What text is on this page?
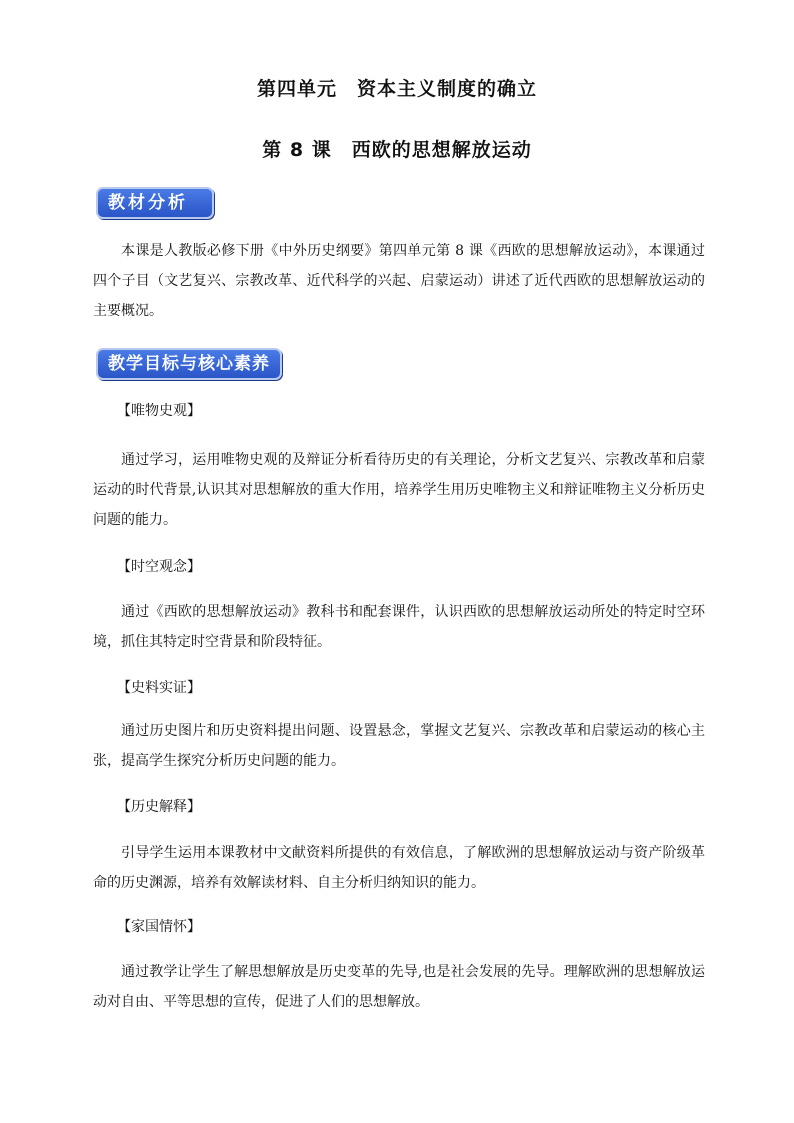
第四单元　资本主义制度的确立
第 8 课　西欧的思想解放运动
教材分析

本课是人教版必修下册《中外历史纲要》第四单元第 8 课《西欧的思想解放运动》，本课通过四个子目（文艺复兴、宗教改革、近代科学的兴起、启蒙运动）讲述了近代西欧的思想解放运动的主要概况。

教学目标与核心素养

【唯物史观】

通过学习，运用唯物史观的及辩证分析看待历史的有关理论，分析文艺复兴、宗教改革和启蒙运动的时代背景,认识其对思想解放的重大作用，培养学生用历史唯物主义和辩证唯物主义分析历史问题的能力。

【时空观念】

通过《西欧的思想解放运动》教科书和配套课件，认识西欧的思想解放运动所处的特定时空环境，抓住其特定时空背景和阶段特征。

【史料实证】

通过历史图片和历史资料提出问题、设置悬念，掌握文艺复兴、宗教改革和启蒙运动的核心主张，提高学生探究分析历史问题的能力。

【历史解释】

引导学生运用本课教材中文献资料所提供的有效信息，了解欧洲的思想解放运动与资产阶级革命的历史渊源，培养有效解读材料、自主分析归纳知识的能力。

【家国情怀】

通过教学让学生了解思想解放是历史变革的先导,也是社会发展的先导。理解欧洲的思想解放运动对自由、平等思想的宣传，促进了人们的思想解放。
